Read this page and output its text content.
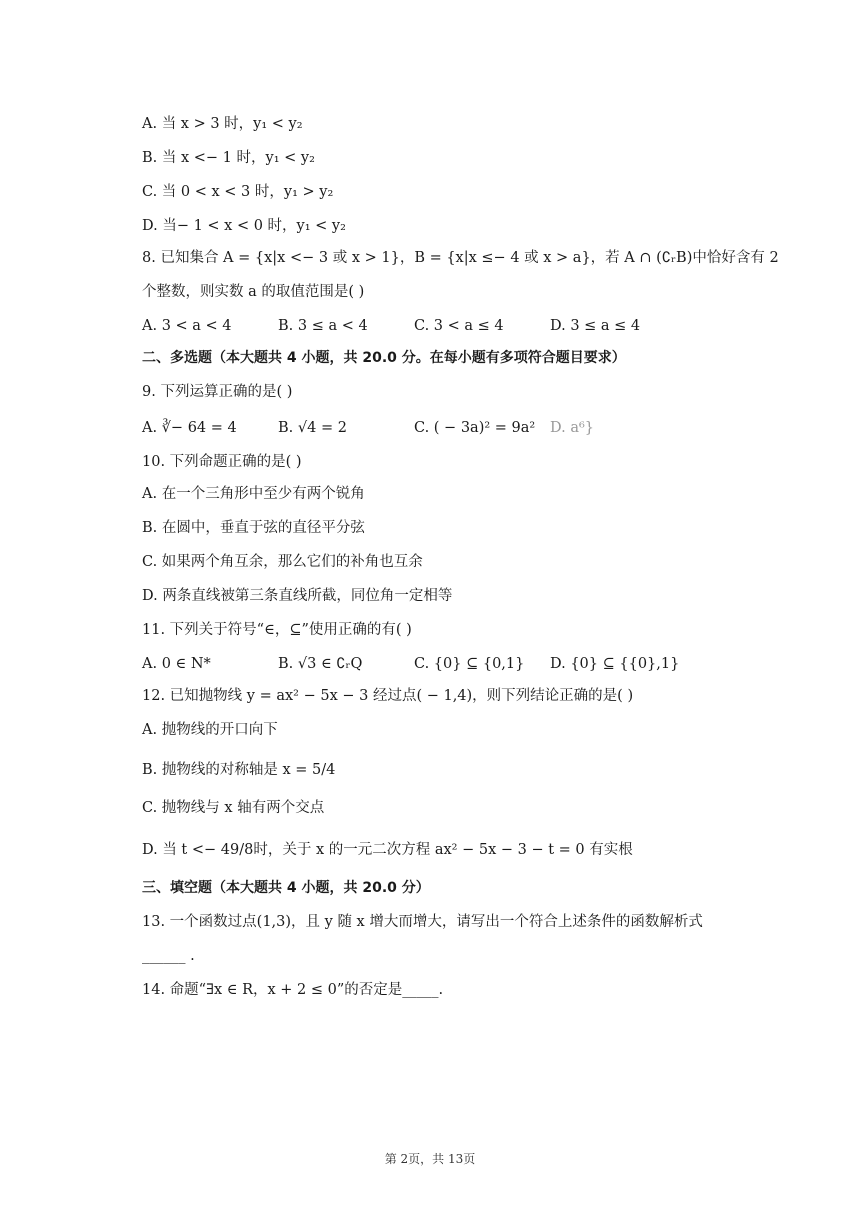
A. 当 x > 3 时，y₁ < y₂
B. 当 x <− 1 时，y₁ < y₂
C. 当 0 < x < 3 时，y₁ > y₂
D. 当− 1 < x < 0 时，y₁ < y₂
8. 已知集合 A = {x|x <− 3 或 x > 1}，B = {x|x ≤− 4 或 x > a}，若 A ∩ (∁ᵣB)中恰好含有 2
个整数，则实数 a 的取值范围是( )
A. 3 < a < 4	B. 3 ≤ a < 4	C. 3 < a ≤ 4	D. 3 ≤ a ≤ 4
二、多选题（本大题共 4 小题，共 20.0 分。在每小题有多项符合题目要求）
9. 下列运算正确的是( )
A. ∛− 64 = 4	B. √4 = 2	C. ( − 3a)² = 9a² D. a⁶}
10. 下列命题正确的是( )
A. 在一个三角形中至少有两个锐角
B. 在圆中，垂直于弦的直径平分弦
C. 如果两个角互余，那么它们的补角也互余
D. 两条直线被第三条直线所截，同位角一定相等
11. 下列关于符号“∈，⊆”使用正确的有( )
A. 0 ∈ N*	B. √3 ∈ ∁ᵣQ	C. {0} ⊆ {0,1} D. {0} ⊆ {{0},1}
12. 已知抛物线 y = ax² − 5x − 3 经过点( − 1,4)，则下列结论正确的是( )
A. 抛物线的开口向下
B. 抛物线的对称轴是 x = 5/4
C. 抛物线与 x 轴有两个交点
D. 当 t <− 49/8时，关于 x 的一元二次方程 ax² − 5x − 3 − t = 0 有实根
三、填空题（本大题共 4 小题，共 20.0 分）
13. 一个函数过点(1,3)，且 y 随 x 增大而增大，请写出一个符合上述条件的函数解析式
______ .
14. 命题“∃x ∈ R，x + 2 ≤ 0”的否定是_____.
第 2页，共 13页
